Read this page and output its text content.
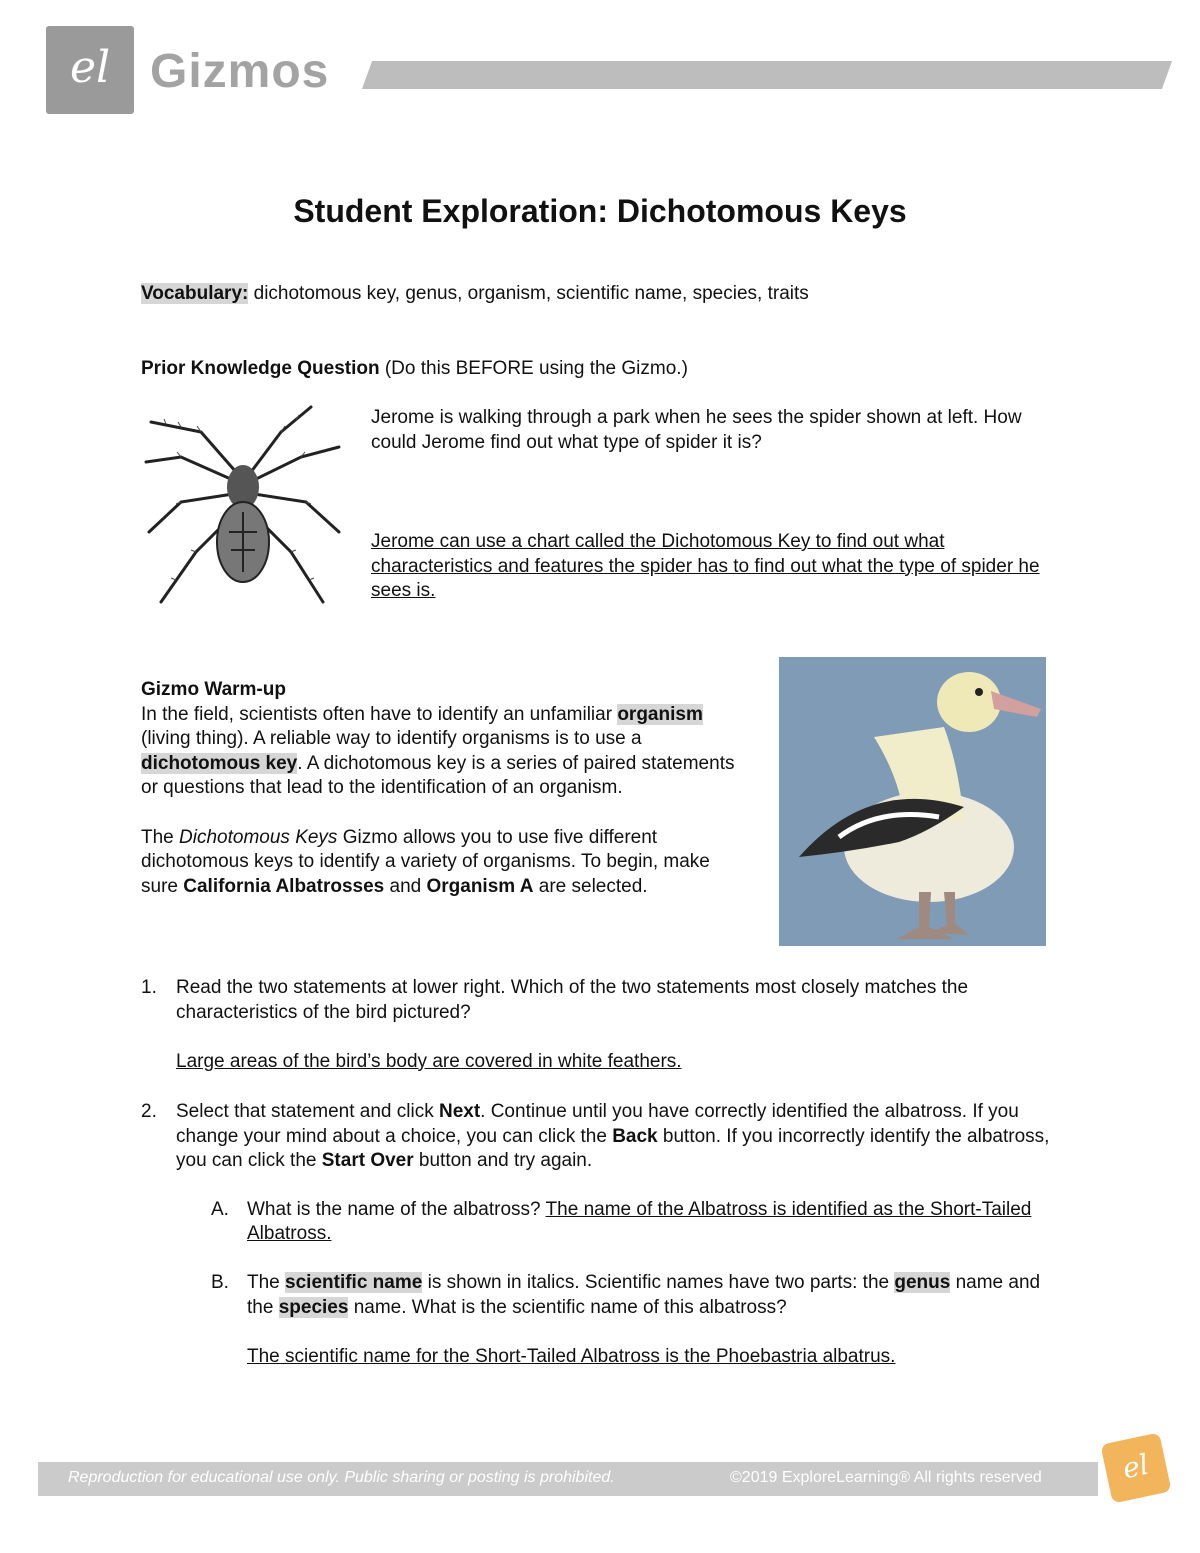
el Gizmos
Student Exploration: Dichotomous Keys
Vocabulary: dichotomous key, genus, organism, scientific name, species, traits
Prior Knowledge Question (Do this BEFORE using the Gizmo.)
Jerome is walking through a park when he sees the spider shown at left. How could Jerome find out what type of spider it is?
Jerome can use a chart called the Dichotomous Key to find out what characteristics and features the spider has to find out what the type of spider he sees is.
Gizmo Warm-up
In the field, scientists often have to identify an unfamiliar organism (living thing). A reliable way to identify organisms is to use a dichotomous key. A dichotomous key is a series of paired statements or questions that lead to the identification of an organism.
The Dichotomous Keys Gizmo allows you to use five different dichotomous keys to identify a variety of organisms. To begin, make sure California Albatrosses and Organism A are selected.
1.	Read the two statements at lower right. Which of the two statements most closely matches the characteristics of the bird pictured?
Large areas of the bird’s body are covered in white feathers.
2.	Select that statement and click Next. Continue until you have correctly identified the albatross. If you change your mind about a choice, you can click the Back button. If you incorrectly identify the albatross, you can click the Start Over button and try again.
A. What is the name of the albatross? The name of the Albatross is identified as the Short-Tailed Albatross.
B. The scientific name is shown in italics. Scientific names have two parts: the genus name and the species name. What is the scientific name of this albatross?
The scientific name for the Short-Tailed Albatross is the Phoebastria albatrus.
Reproduction for educational use only. Public sharing or posting is prohibited.	©2019 ExploreLearning® All rights reserved	el
